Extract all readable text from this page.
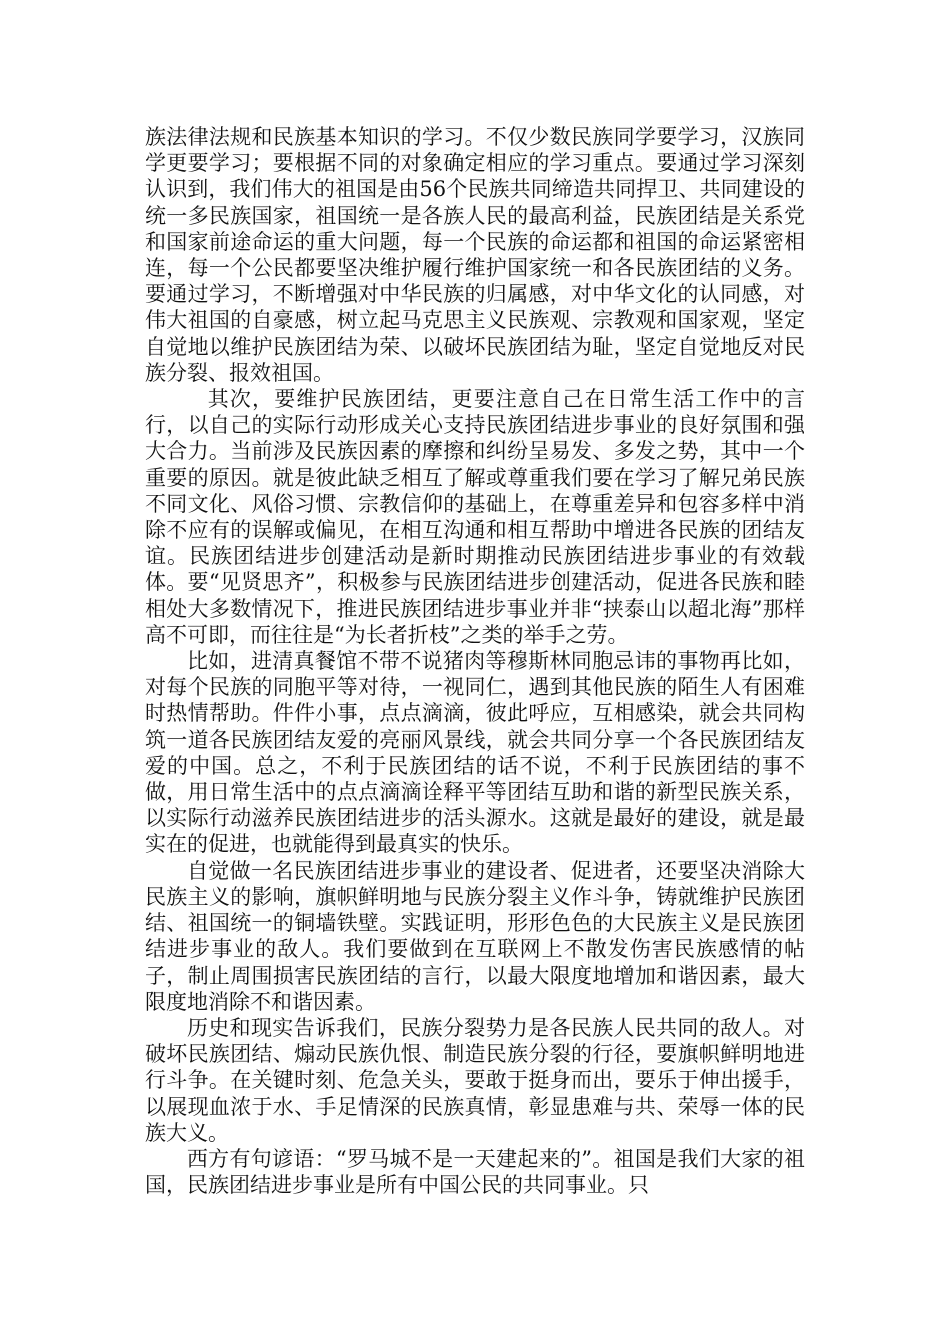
族法律法规和民族基本知识的学习。不仅少数民族同学要学习，汉族同学更要学习；要根据不同的对象确定相应的学习重点。要通过学习深刻认识到，我们伟大的祖国是由56个民族共同缔造共同捍卫、共同建设的统一多民族国家，祖国统一是各族人民的最高利益，民族团结是关系党和国家前途命运的重大问题，每一个民族的命运都和祖国的命运紧密相连，每一个公民都要坚决维护履行维护国家统一和各民族团结的义务。要通过学习，不断增强对中华民族的归属感，对中华文化的认同感，对伟大祖国的自豪感，树立起马克思主义民族观、宗教观和国家观，坚定自觉地以维护民族团结为荣、以破坏民族团结为耻，坚定自觉地反对民族分裂、报效祖国。

其次，要维护民族团结，更要注意自己在日常生活工作中的言行，以自己的实际行动形成关心支持民族团结进步事业的良好氛围和强大合力。当前涉及民族因素的摩擦和纠纷呈易发、多发之势，其中一个重要的原因。就是彼此缺乏相互了解或尊重我们要在学习了解兄弟民族不同文化、风俗习惯、宗教信仰的基础上，在尊重差异和包容多样中消除不应有的误解或偏见，在相互沟通和相互帮助中增进各民族的团结友谊。民族团结进步创建活动是新时期推动民族团结进步事业的有效载体。要“见贤思齐”，积极参与民族团结进步创建活动，促进各民族和睦相处大多数情况下，推进民族团结进步事业并非“挟泰山以超北海”那样高不可即，而往往是“为长者折枝”之类的举手之劳。

比如，进清真餐馆不带不说猪肉等穆斯林同胞忌讳的事物再比如，对每个民族的同胞平等对待，一视同仁，遇到其他民族的陌生人有困难时热情帮助。件件小事，点点滴滴，彼此呼应，互相感染，就会共同构筑一道各民族团结友爱的亮丽风景线，就会共同分享一个各民族团结友爱的中国。总之，不利于民族团结的话不说，不利于民族团结的事不做，用日常生活中的点点滴滴诠释平等团结互助和谐的新型民族关系，以实际行动滋养民族团结进步的活头源水。这就是最好的建设，就是最实在的促进，也就能得到最真实的快乐。

自觉做一名民族团结进步事业的建设者、促进者，还要坚决消除大民族主义的影响，旗帜鲜明地与民族分裂主义作斗争，铸就维护民族团结、祖国统一的铜墙铁壁。实践证明，形形色色的大民族主义是民族团结进步事业的敌人。我们要做到在互联网上不散发伤害民族感情的帖子，制止周围损害民族团结的言行，以最大限度地增加和谐因素，最大限度地消除不和谐因素。

历史和现实告诉我们，民族分裂势力是各民族人民共同的敌人。对破坏民族团结、煽动民族仇恨、制造民族分裂的行径，要旗帜鲜明地进行斗争。在关键时刻、危急关头，要敢于挺身而出，要乐于伸出援手，以展现血浓于水、手足情深的民族真情，彰显患难与共、荣辱一体的民族大义。

西方有句谚语：“罗马城不是一天建起来的”。祖国是我们大家的祖国，民族团结进步事业是所有中国公民的共同事业。只
